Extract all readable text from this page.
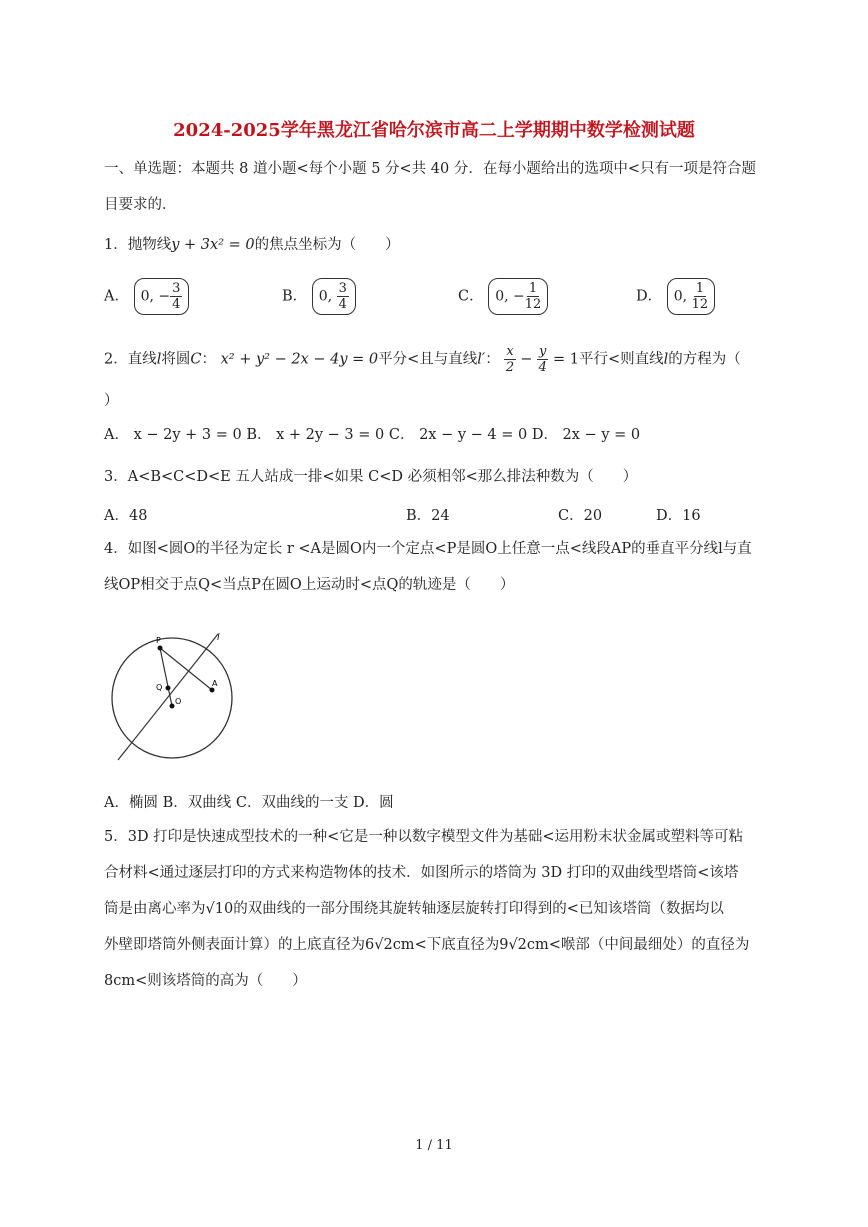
2024-2025学年黑龙江省哈尔滨市高二上学期期中数学检测试题
一、单选题：本题共 8 道小题<每个小题 5 分<共 40 分．在每小题给出的选项中<只有一项是符合题
目要求的．
1．抛物线y + 3x² = 0的焦点坐标为（　　）
A． 0, − $\frac{3}{4}$	B． 0, $\frac{3}{4}$	C． 0, − $\frac{1}{12}$	D． 0, $\frac{1}{12}$
2．直线l将圆C： x² + y² − 2x − 4y = 0平分<且与直线l′： $\frac{x}{2} - \frac{y}{4} = 1$平行<则直线l的方程为（
）
A． x − 2y + 3 = 0 B． x + 2y − 3 = 0 C． 2x − y − 4 = 0 D． 2x − y = 0
3．A<B<C<D<E 五人站成一排<如果 C<D 必须相邻<那么排法种数为（　　）
A．48	B．24	C．20	D．16
4．如图<圆O的半径为定长 r <A是圆O内一个定点<P是圆O上任意一点<线段AP的垂直平分线l与直
线OP相交于点Q<当点P在圆O上运动时<点Q的轨迹是（　　）
P
A
Q
O
l
A．椭圆 B．双曲线 C．双曲线的一支 D．圆
5．3D 打印是快速成型技术的一种<它是一种以数字模型文件为基础<运用粉末状金属或塑料等可粘
合材料<通过逐层打印的方式来构造物体的技术．如图所示的塔筒为 3D 打印的双曲线型塔筒<该塔
筒是由离心率为√10的双曲线的一部分围绕其旋转轴逐层旋转打印得到的<已知该塔筒（数据均以
外壁即塔筒外侧表面计算）的上底直径为6√2cm<下底直径为9√2cm<喉部（中间最细处）的直径为
8cm<则该塔筒的高为（　　）
1 / 11
